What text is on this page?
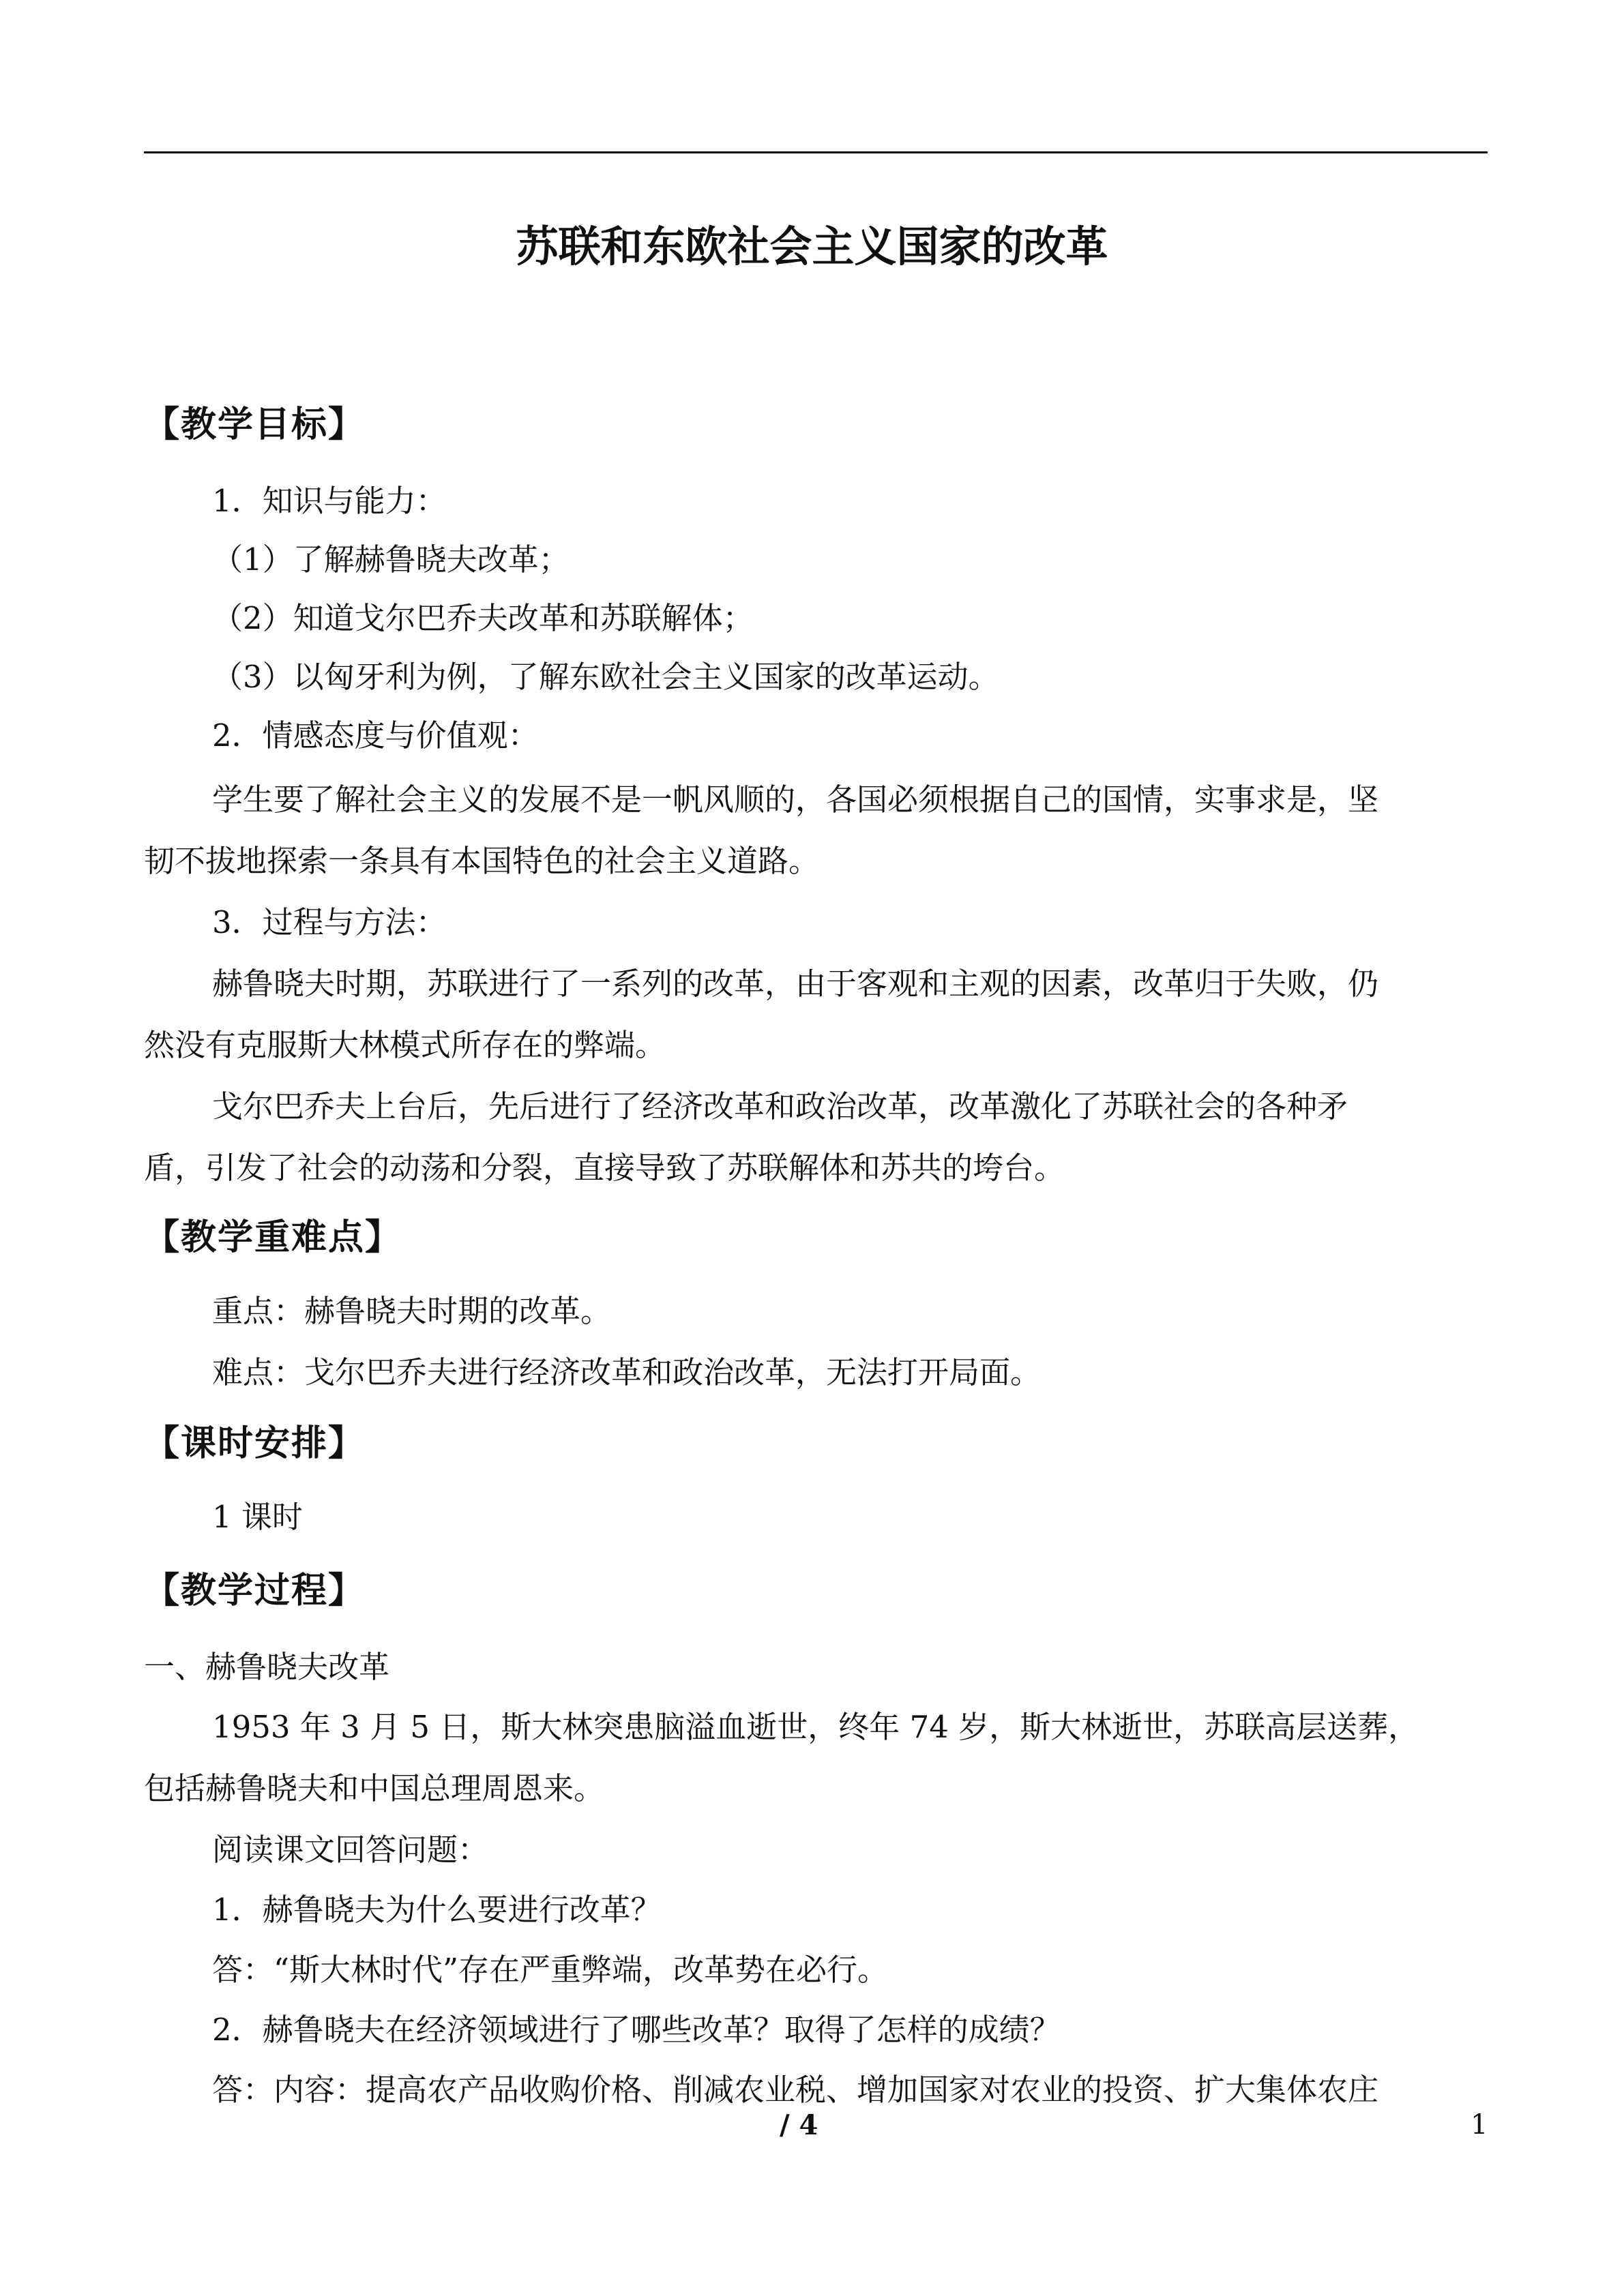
苏联和东欧社会主义国家的改革
【教学目标】
1．知识与能力：
（1）了解赫鲁晓夫改革；
（2）知道戈尔巴乔夫改革和苏联解体；
（3）以匈牙利为例，了解东欧社会主义国家的改革运动。
2．情感态度与价值观：
学生要了解社会主义的发展不是一帆风顺的，各国必须根据自己的国情，实事求是，坚
韧不拔地探索一条具有本国特色的社会主义道路。
3．过程与方法：
赫鲁晓夫时期，苏联进行了一系列的改革，由于客观和主观的因素，改革归于失败，仍
然没有克服斯大林模式所存在的弊端。
戈尔巴乔夫上台后，先后进行了经济改革和政治改革，改革激化了苏联社会的各种矛
盾，引发了社会的动荡和分裂，直接导致了苏联解体和苏共的垮台。
【教学重难点】
重点：赫鲁晓夫时期的改革。
难点：戈尔巴乔夫进行经济改革和政治改革，无法打开局面。
【课时安排】
1 课时
【教学过程】
一、赫鲁晓夫改革
1953 年 3 月 5 日，斯大林突患脑溢血逝世，终年 74 岁，斯大林逝世，苏联高层送葬，
包括赫鲁晓夫和中国总理周恩来。
阅读课文回答问题：
1．赫鲁晓夫为什么要进行改革？
答：“斯大林时代”存在严重弊端，改革势在必行。
2．赫鲁晓夫在经济领域进行了哪些改革？取得了怎样的成绩？
答：内容：提高农产品收购价格、削减农业税、增加国家对农业的投资、扩大集体农庄
/ 4	1
